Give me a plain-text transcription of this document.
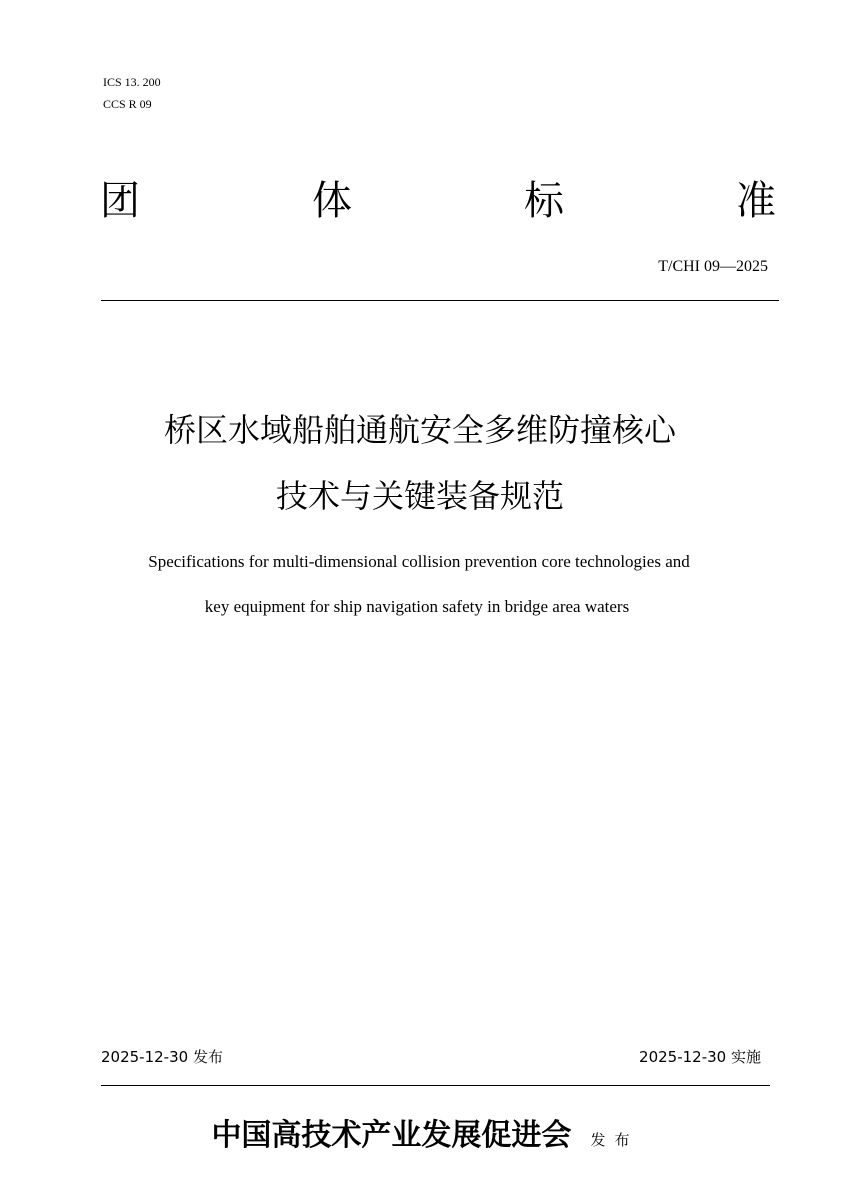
ICS 13. 200
CCS R 09
团	体	标	准
T/CHI 09—2025
桥区水域船舶通航安全多维防撞核心
技术与关键装备规范
Specifications for multi-dimensional collision prevention core technologies and
key equipment for ship navigation safety in bridge area waters
2025-12-30 发布	2025-12-30 实施
中国高技术产业发展促进会 发布
